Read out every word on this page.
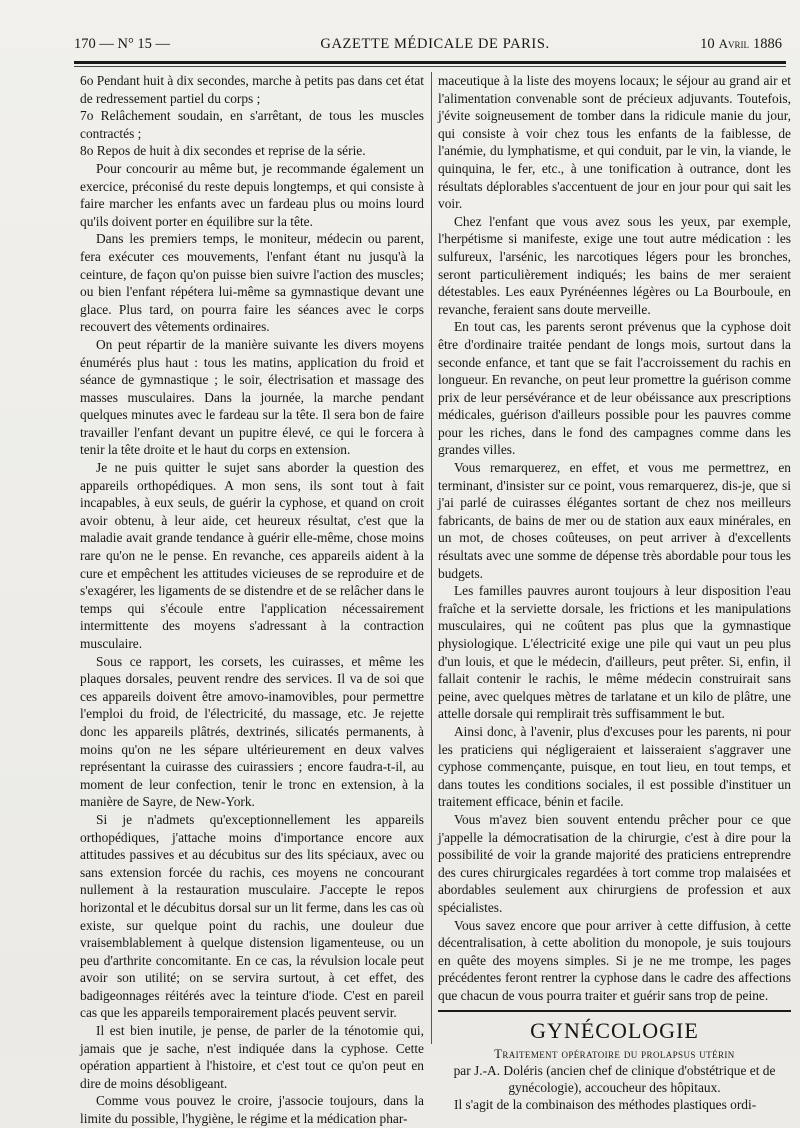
170 — N° 15 —	GAZETTE MÉDICALE DE PARIS.	10 Avril 1886

6o Pendant huit à dix secondes, marche à petits pas dans cet état de redressement partiel du corps ;

7o Relâchement soudain, en s'arrêtant, de tous les muscles contractés ;

8o Repos de huit à dix secondes et reprise de la série.

Pour concourir au même but, je recommande également un exercice, préconisé du reste depuis longtemps, et qui consiste à faire marcher les enfants avec un fardeau plus ou moins lourd qu'ils doivent porter en équilibre sur la tête.

Dans les premiers temps, le moniteur, médecin ou parent, fera exécuter ces mouvements, l'enfant étant nu jusqu'à la ceinture, de façon qu'on puisse bien suivre l'action des muscles; ou bien l'enfant répétera lui-même sa gymnastique devant une glace. Plus tard, on pourra faire les séances avec le corps recouvert des vêtements ordinaires.

On peut répartir de la manière suivante les divers moyens énumérés plus haut : tous les matins, application du froid et séance de gymnastique ; le soir, électrisation et massage des masses musculaires. Dans la journée, la marche pendant quelques minutes avec le fardeau sur la tête. Il sera bon de faire travailler l'enfant devant un pupitre élevé, ce qui le forcera à tenir la tête droite et le haut du corps en extension.

Je ne puis quitter le sujet sans aborder la question des appareils orthopédiques. A mon sens, ils sont tout à fait incapables, à eux seuls, de guérir la cyphose, et quand on croit avoir obtenu, à leur aide, cet heureux résultat, c'est que la maladie avait grande tendance à guérir elle-même, chose moins rare qu'on ne le pense. En revanche, ces appareils aident à la cure et empêchent les attitudes vicieuses de se reproduire et de s'exagérer, les ligaments de se distendre et de se relâcher dans le temps qui s'écoule entre l'application nécessairement intermittente des moyens s'adressant à la contraction musculaire.

Sous ce rapport, les corsets, les cuirasses, et même les plaques dorsales, peuvent rendre des services. Il va de soi que ces appareils doivent être amovo-inamovibles, pour permettre l'emploi du froid, de l'électricité, du massage, etc. Je rejette donc les appareils plâtrés, dextrinés, silicatés permanents, à moins qu'on ne les sépare ultérieurement en deux valves représentant la cuirasse des cuirassiers ; encore faudra-t-il, au moment de leur confection, tenir le tronc en extension, à la manière de Sayre, de New-York.

Si je n'admets qu'exceptionnellement les appareils orthopédiques, j'attache moins d'importance encore aux attitudes passives et au décubitus sur des lits spéciaux, avec ou sans extension forcée du rachis, ces moyens ne concourant nullement à la restauration musculaire. J'accepte le repos horizontal et le décubitus dorsal sur un lit ferme, dans les cas où existe, sur quelque point du rachis, une douleur due vraisemblablement à quelque distension ligamenteuse, ou un peu d'arthrite concomitante. En ce cas, la révulsion locale peut avoir son utilité; on se servira surtout, à cet effet, des badigeonnages réitérés avec la teinture d'iode. C'est en pareil cas que les appareils temporairement placés peuvent servir.

Il est bien inutile, je pense, de parler de la ténotomie qui, jamais que je sache, n'est indiquée dans la cyphose. Cette opération appartient à l'histoire, et c'est tout ce qu'on peut en dire de moins désobligeant.

Comme vous pouvez le croire, j'associe toujours, dans la limite du possible, l'hygiène, le régime et la médication phar-

maceutique à la liste des moyens locaux; le séjour au grand air et l'alimentation convenable sont de précieux adjuvants. Toutefois, j'évite soigneusement de tomber dans la ridicule manie du jour, qui consiste à voir chez tous les enfants de la faiblesse, de l'anémie, du lymphatisme, et qui conduit, par le vin, la viande, le quinquina, le fer, etc., à une tonification à outrance, dont les résultats déplorables s'accentuent de jour en jour pour qui sait les voir.

Chez l'enfant que vous avez sous les yeux, par exemple, l'herpétisme si manifeste, exige une tout autre médication : les sulfureux, l'arsénic, les narcotiques légers pour les bronches, seront particulièrement indiqués; les bains de mer seraient détestables. Les eaux Pyrénéennes légères ou La Bourboule, en revanche, feraient sans doute merveille.

En tout cas, les parents seront prévenus que la cyphose doit être d'ordinaire traitée pendant de longs mois, surtout dans la seconde enfance, et tant que se fait l'accroissement du rachis en longueur. En revanche, on peut leur promettre la guérison comme prix de leur persévérance et de leur obéissance aux prescriptions médicales, guérison d'ailleurs possible pour les pauvres comme pour les riches, dans le fond des campagnes comme dans les grandes villes.

Vous remarquerez, en effet, et vous me permettrez, en terminant, d'insister sur ce point, vous remarquerez, dis-je, que si j'ai parlé de cuirasses élégantes sortant de chez nos meilleurs fabricants, de bains de mer ou de station aux eaux minérales, en un mot, de choses coûteuses, on peut arriver à d'excellents résultats avec une somme de dépense très abordable pour tous les budgets.

Les familles pauvres auront toujours à leur disposition l'eau fraîche et la serviette dorsale, les frictions et les manipulations musculaires, qui ne coûtent pas plus que la gymnastique physiologique. L'électricité exige une pile qui vaut un peu plus d'un louis, et que le médecin, d'ailleurs, peut prêter. Si, enfin, il fallait contenir le rachis, le même médecin construirait sans peine, avec quelques mètres de tarlatane et un kilo de plâtre, une attelle dorsale qui remplirait très suffisamment le but.

Ainsi donc, à l'avenir, plus d'excuses pour les parents, ni pour les praticiens qui négligeraient et laisseraient s'aggraver une cyphose commençante, puisque, en tout lieu, en tout temps, et dans toutes les conditions sociales, il est possible d'instituer un traitement efficace, bénin et facile.

Vous m'avez bien souvent entendu prêcher pour ce que j'appelle la démocratisation de la chirurgie, c'est à dire pour la possibilité de voir la grande majorité des praticiens entreprendre des cures chirurgicales regardées à tort comme trop malaisées et abordables seulement aux chirurgiens de profession et aux spécialistes.

Vous savez encore que pour arriver à cette diffusion, à cette décentralisation, à cette abolition du monopole, je suis toujours en quête des moyens simples. Si je ne me trompe, les pages précédentes feront rentrer la cyphose dans le cadre des affections que chacun de vous pourra traiter et guérir sans trop de peine.

GYNÉCOLOGIE
Traitement opératoire du prolapsus utérin

par J.-A. Doléris (ancien chef de clinique d'obstétrique et de gynécologie), accoucheur des hôpitaux.

Il s'agit de la combinaison des méthodes plastiques ordi-
